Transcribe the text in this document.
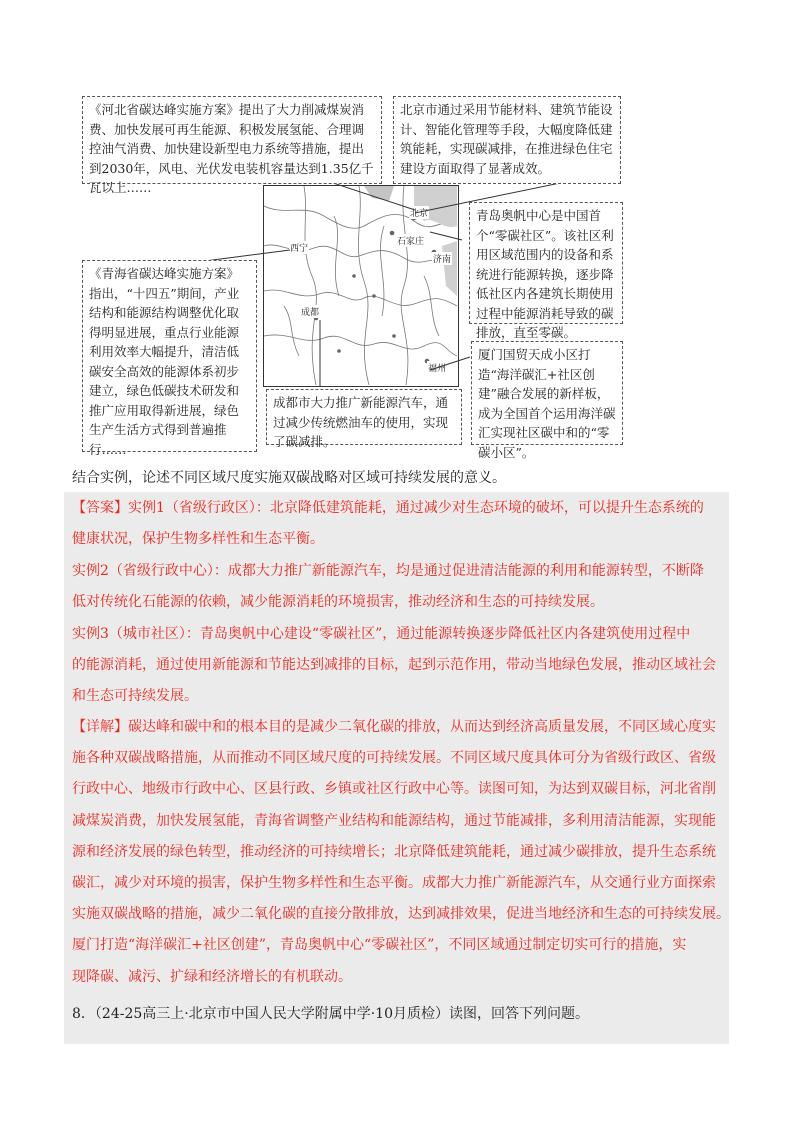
北京
石家庄
济南
西宁
成都
福州
《河北省碳达峰实施方案》提出了大力削减煤炭消费、加快发展可再生能源、积极发展氢能、合理调控油气消费、加快建设新型电力系统等措施，提出到2030年，风电、光伏发电装机容量达到1.35亿千瓦以上……
北京市通过采用节能材料、建筑节能设计、智能化管理等手段，大幅度降低建筑能耗，实现碳减排，在推进绿色住宅建设方面取得了显著成效。
青岛奥帆中心是中国首个“零碳社区”。该社区利用区域范围内的设备和系统进行能源转换，逐步降低社区内各建筑长期使用过程中能源消耗导致的碳排放，直至零碳。
《青海省碳达峰实施方案》指出，“十四五”期间，产业结构和能源结构调整优化取得明显进展，重点行业能源利用效率大幅提升，清洁低碳安全高效的能源体系初步建立，绿色低碳技术研发和推广应用取得新进展，绿色生产生活方式得到普遍推行……
成都市大力推广新能源汽车，通过减少传统燃油车的使用，实现了碳减排。
厦门国贸天成小区打造“海洋碳汇+社区创建”融合发展的新样板，成为全国首个运用海洋碳汇实现社区碳中和的“零碳小区”。
结合实例，论述不同区域尺度实施双碳战略对区域可持续发展的意义。
【答案】实例1（省级行政区）：北京降低建筑能耗，通过减少对生态环境的破坏，可以提升生态系统的
健康状况，保护生物多样性和生态平衡。
实例2（省级行政中心）：成都大力推广新能源汽车，均是通过促进清洁能源的利用和能源转型，不断降
低对传统化石能源的依赖，减少能源消耗的环境损害，推动经济和生态的可持续发展。
实例3（城市社区）：青岛奥帆中心建设“零碳社区”，通过能源转换逐步降低社区内各建筑使用过程中
的能源消耗，通过使用新能源和节能达到减排的目标，起到示范作用，带动当地绿色发展，推动区域社会
和生态可持续发展。
【详解】碳达峰和碳中和的根本目的是减少二氧化碳的排放，从而达到经济高质量发展，不同区域心度实
施各种双碳战略措施，从而推动不同区域尺度的可持续发展。不同区域尺度具体可分为省级行政区、省级
行政中心、地级市行政中心、区县行政、乡镇或社区行政中心等。读图可知，为达到双碳目标，河北省削
减煤炭消费，加快发展氢能，青海省调整产业结构和能源结构，通过节能减排，多利用清洁能源，实现能
源和经济发展的绿色转型，推动经济的可持续增长；北京降低建筑能耗，通过减少碳排放，提升生态系统
碳汇，减少对环境的损害，保护生物多样性和生态平衡。成都大力推广新能源汽车，从交通行业方面探索
实施双碳战略的措施，减少二氧化碳的直接分散排放，达到减排效果，促进当地经济和生态的可持续发展。
厦门打造“海洋碳汇+社区创建”，青岛奥帆中心“零碳社区”，不同区域通过制定切实可行的措施，实
现降碳、减污、扩绿和经济增长的有机联动。
8．（24-25高三上·北京市中国人民大学附属中学·10月质检）读图，回答下列问题。
